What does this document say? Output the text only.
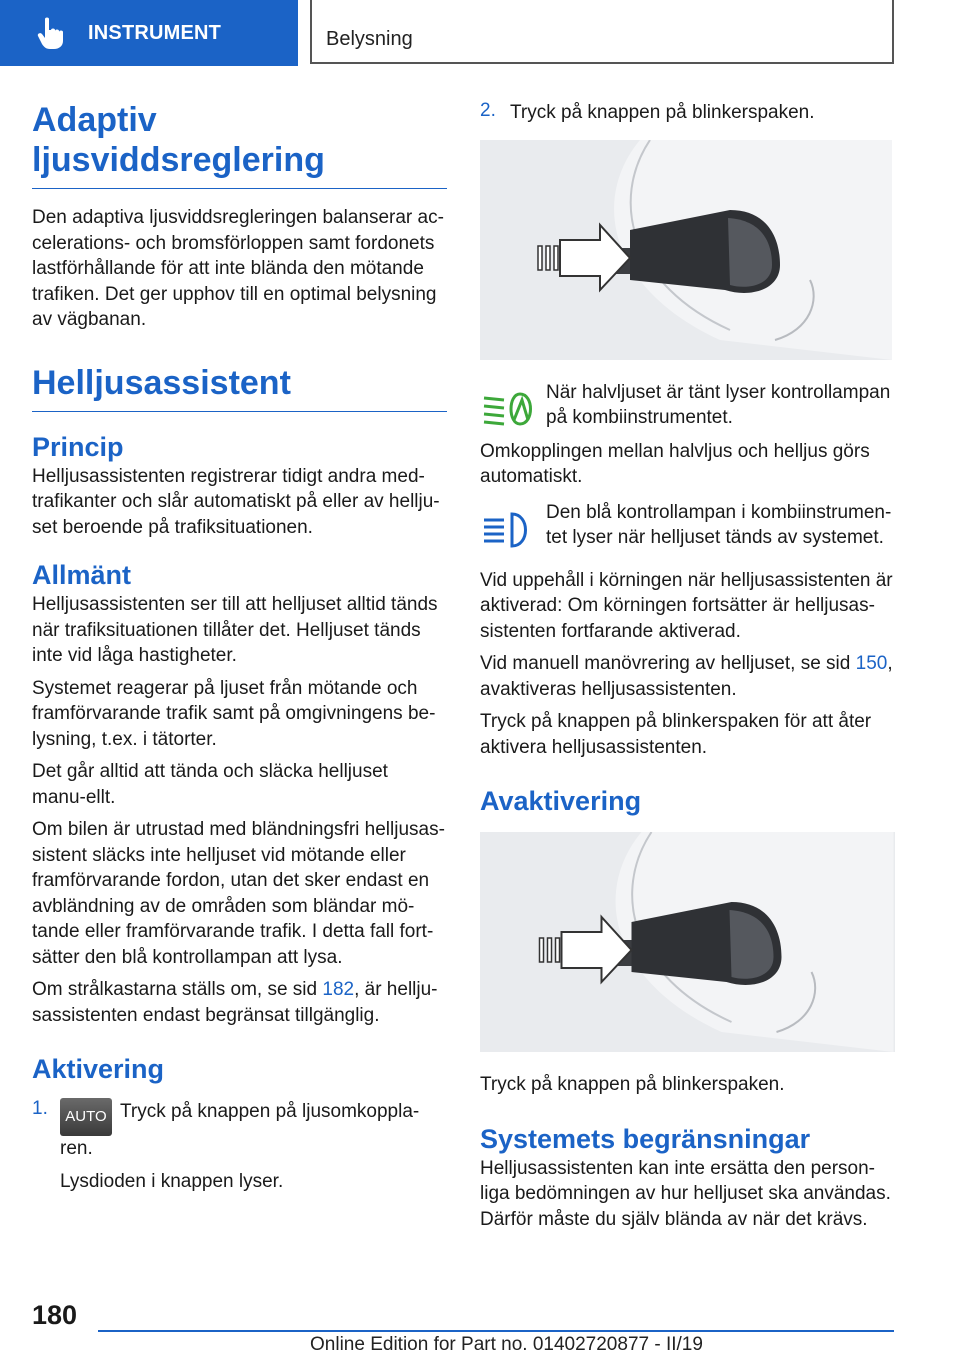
INSTRUMENT	Belysning
Adaptiv ljusviddsreglering

Den adaptiva ljusviddsregleringen balanserar ac-celerations- och bromsförloppen samt fordonets lastförhållande för att inte blända den mötande trafiken. Det ger upphov till en optimal belysning av vägbanan.

Helljusassistent
Princip

Helljusassistenten registrerar tidigt andra med-trafikanter och slår automatiskt på eller av hellju-set beroende på trafiksituationen.

Allmänt

Helljusassistenten ser till att helljuset alltid tänds när trafiksituationen tillåter det. Helljuset tänds inte vid låga hastigheter.

Systemet reagerar på ljuset från mötande och framförvarande trafik samt på omgivningens be-lysning, t.ex. i tätorter.

Det går alltid att tända och släcka helljuset manu-ellt.

Om bilen är utrustad med bländningsfri helljusas-sistent släcks inte helljuset vid mötande eller framförvarande fordon, utan det sker endast en avbländning av de områden som bländar mö-tande eller framförvarande trafik. I detta fall fort-sätter den blå kontrollampan att lysa.

Om strålkastarna ställs om, se sid 182, är hellju-sassistenten endast begränsat tillgänglig.

Aktivering
1.	AUTO Tryck på knappen på ljusomkoppla-ren.

Lysdioden i knappen lyser.

2. Tryck på knappen på blinkerspaken.

När halvljuset är tänt lyser kontrollampan på kombiinstrumentet.

Omkopplingen mellan halvljus och helljus görs automatiskt.

Den blå kontrollampan i kombiinstrumen-tet lyser när helljuset tänds av systemet.

Vid uppehåll i körningen när helljusassistenten är aktiverad: Om körningen fortsätter är helljusas-sistenten fortfarande aktiverad.

Vid manuell manövrering av helljuset, se sid 150, avaktiveras helljusassistenten.

Tryck på knappen på blinkerspaken för att åter aktivera helljusassistenten.

Avaktivering

Tryck på knappen på blinkerspaken.

Systemets begränsningar

Helljusassistenten kan inte ersätta den person-liga bedömningen av hur helljuset ska användas. Därför måste du själv blända av när det krävs.

180
Online Edition for Part no. 01402720877 - II/19
